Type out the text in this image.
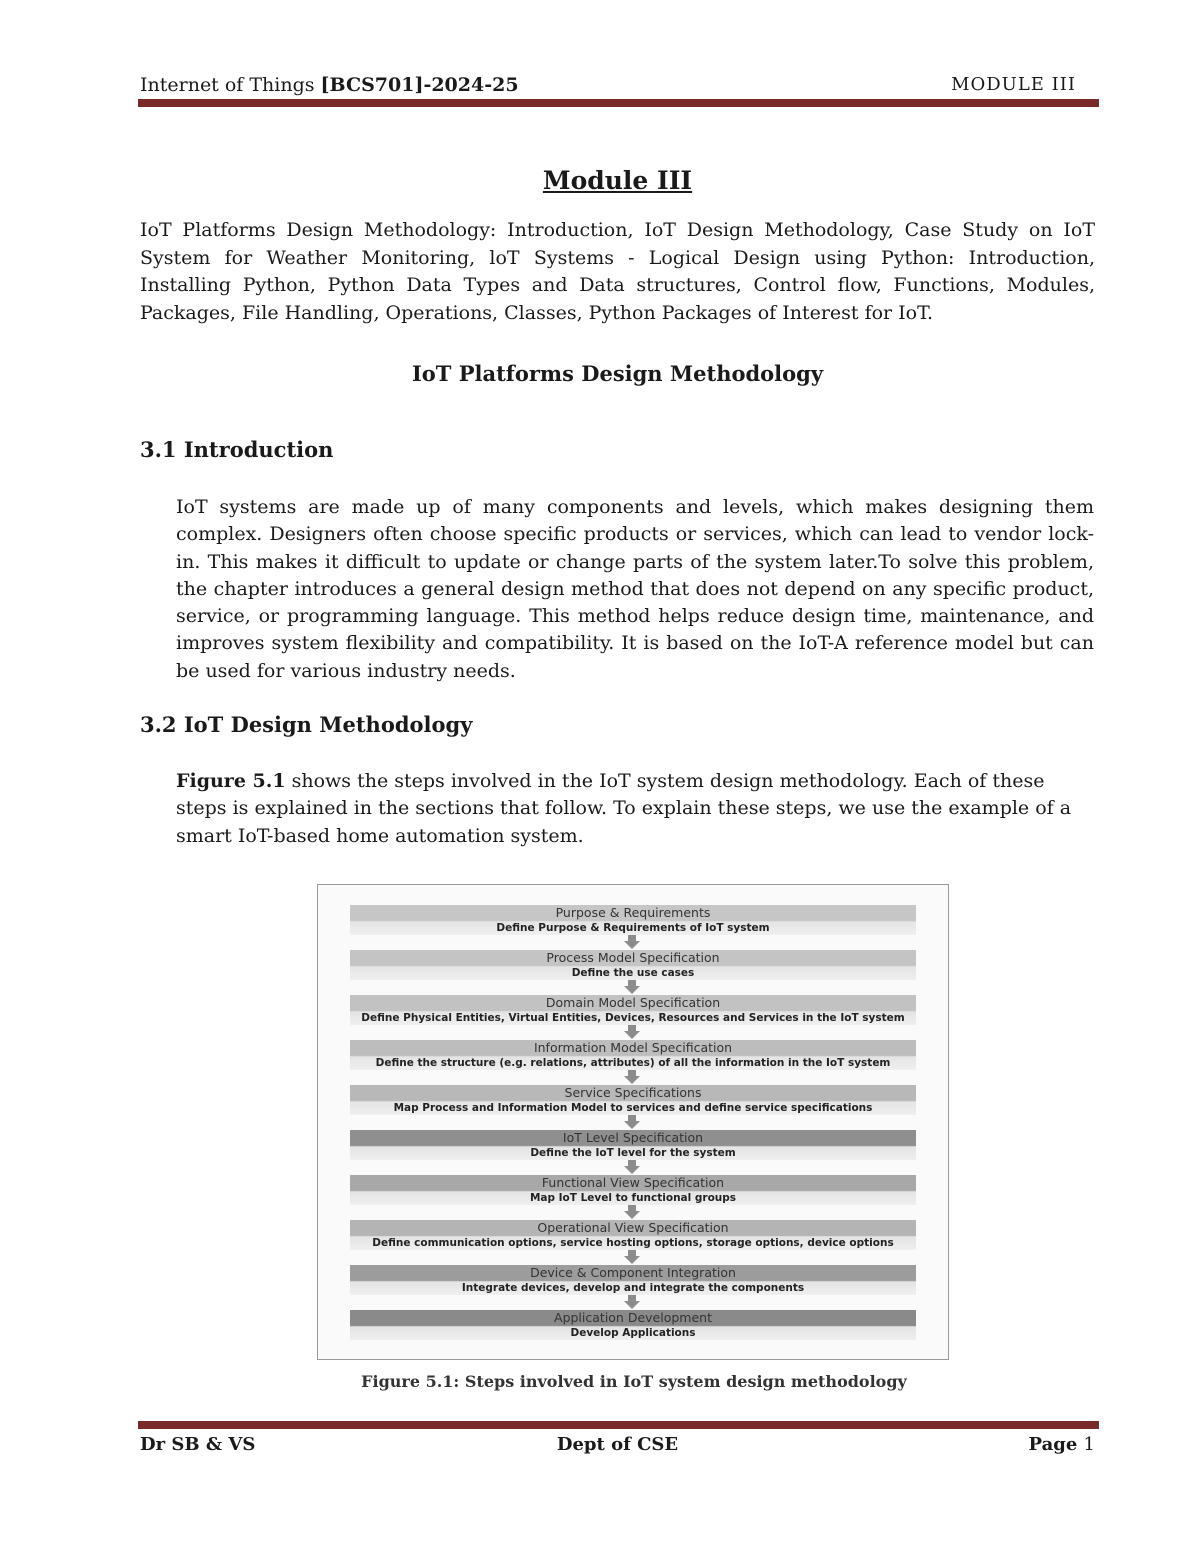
Internet of Things [BCS701]-2024-25	MODULE III
Module III
IoT Platforms Design Methodology: Introduction, IoT Design Methodology, Case Study on IoT System for Weather Monitoring, loT Systems - Logical Design using Python: Introduction, Installing Python, Python Data Types and Data structures, Control flow, Functions, Modules, Packages, File Handling, Operations, Classes, Python Packages of Interest for IoT.
IoT Platforms Design Methodology
3.1 Introduction
IoT systems are made up of many components and levels, which makes designing them complex. Designers often choose specific products or services, which can lead to vendor lock-in. This makes it difficult to update or change parts of the system later.To solve this problem, the chapter introduces a general design method that does not depend on any specific product, service, or programming language. This method helps reduce design time, maintenance, and improves system flexibility and compatibility. It is based on the IoT-A reference model but can be used for various industry needs.
3.2 IoT Design Methodology
Figure 5.1 shows the steps involved in the IoT system design methodology. Each of these steps is explained in the sections that follow. To explain these steps, we use the example of a smart IoT-based home automation system.
Purpose & Requirements
Define Purpose & Requirements of IoT system
Process Model Specification
Define the use cases
Domain Model Specification
Define Physical Entities, Virtual Entities, Devices, Resources and Services in the IoT system
Information Model Specification
Define the structure (e.g. relations, attributes) of all the information in the IoT system
Service Specifications
Map Process and Information Model to services and define service specifications
IoT Level Specification
Define the IoT level for the system
Functional View Specification
Map IoT Level to functional groups
Operational View Specification
Define communication options, service hosting options, storage options, device options
Device & Component Integration
Integrate devices, develop and integrate the components
Application Development
Develop Applications
Figure 5.1: Steps involved in IoT system design methodology
Dr SB & VS	Dept of CSE	Page 1
